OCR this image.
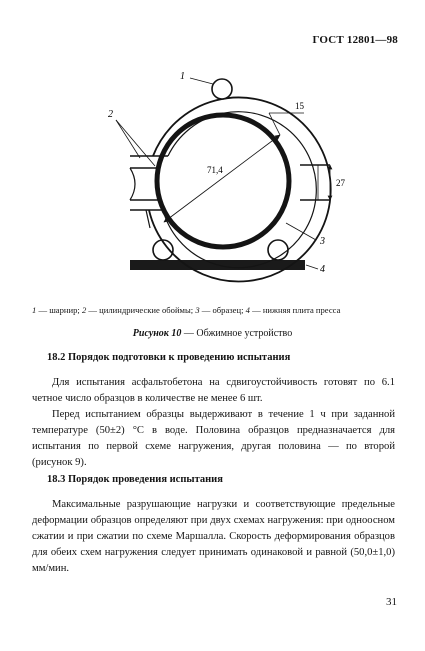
ГОСТ 12801—98
1
2
3
4
15
71,4
27
1 — шарнир; 2 — цилиндрические обоймы; 3 — образец; 4 — нижняя плита пресса
Рисунок 10 — Обжимное устройство
18.2 Порядок подготовки к проведению испытания

Для испытания асфальтобетона на сдвигоустойчивость готовят по 6.1 четное число образцов в количестве не менее 6 шт.

Перед испытанием образцы выдерживают в течение 1 ч при заданной температуре (50±2) °С в воде. Половина образцов предназначается для испытания по первой схеме нагружения, другая половина — по второй (рисунок 9).

18.3 Порядок проведения испытания

Максимальные разрушающие нагрузки и соответствующие предельные деформации образцов определяют при двух схемах нагружения: при одноосном сжатии и при сжатии по схеме Маршалла. Скорость деформирования образцов для обеих схем нагружения следует принимать одинаковой и равной (50,0±1,0) мм/мин.

31
